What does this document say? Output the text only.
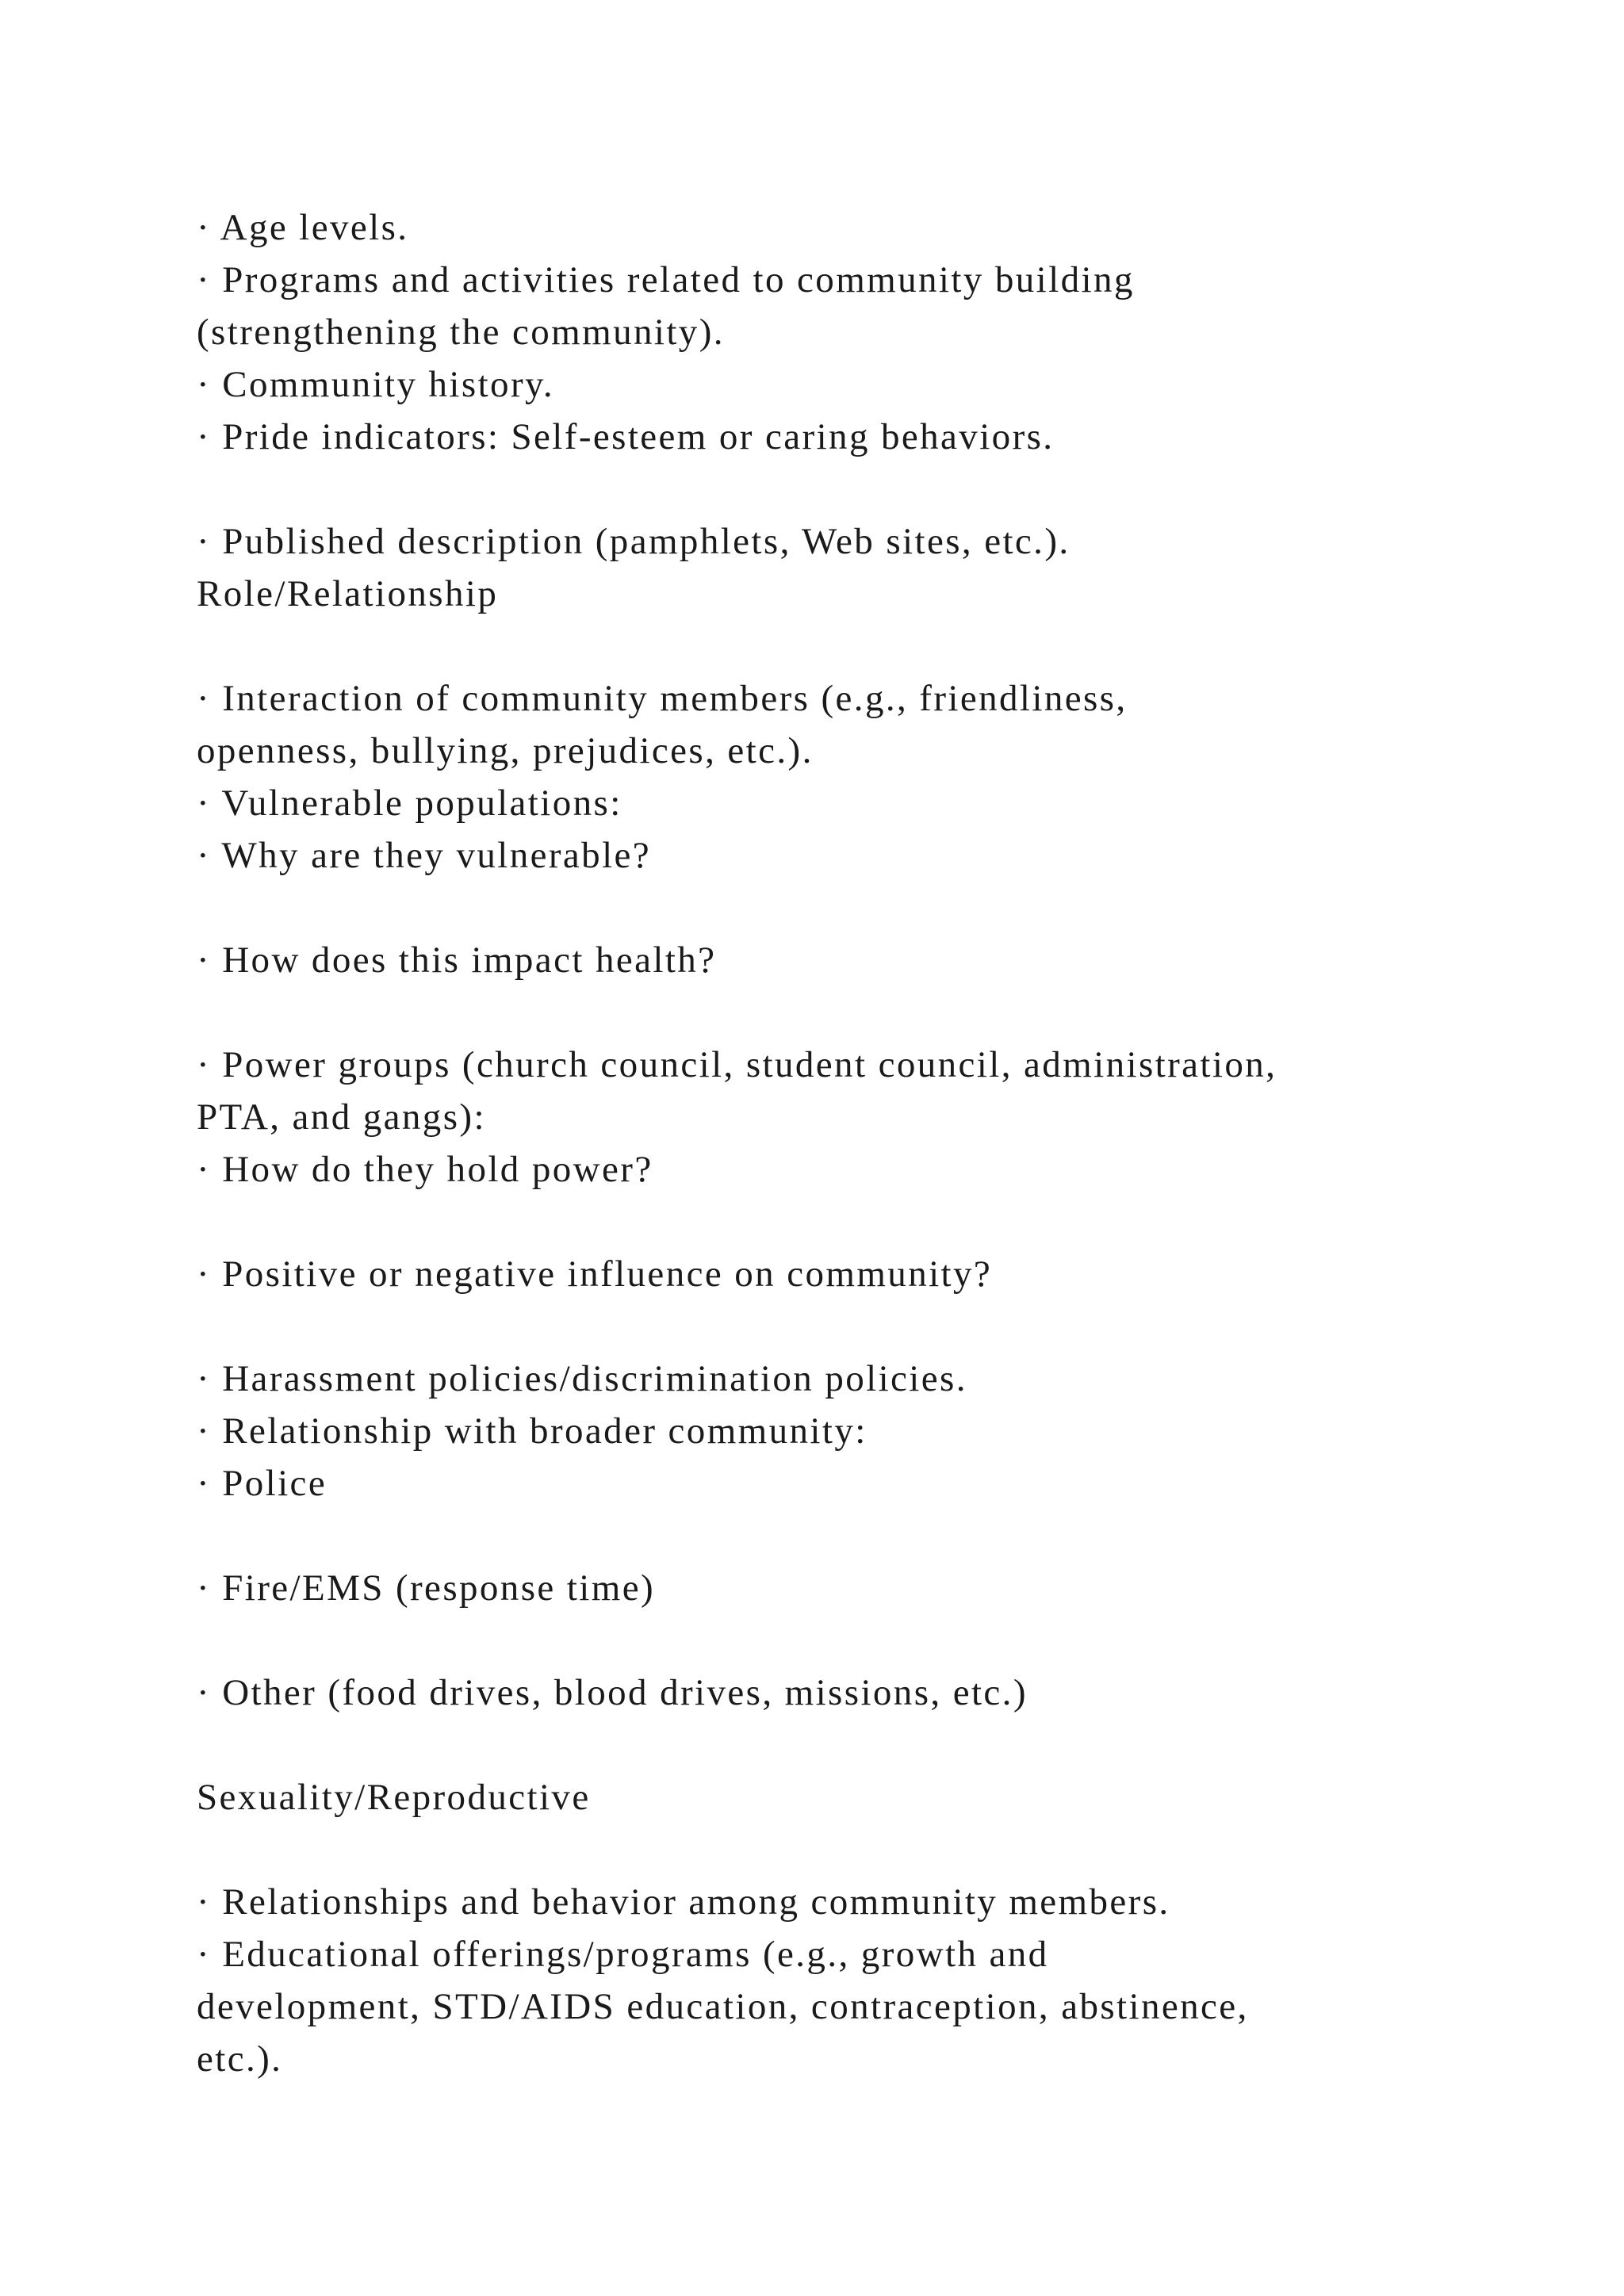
· Age levels.
· Programs and activities related to community building
(strengthening the community).
· Community history.
· Pride indicators: Self-esteem or caring behaviors.
· Published description (pamphlets, Web sites, etc.).
Role/Relationship
· Interaction of community members (e.g., friendliness,
openness, bullying, prejudices, etc.).
· Vulnerable populations:
· Why are they vulnerable?
· How does this impact health?
· Power groups (church council, student council, administration,
PTA, and gangs):
· How do they hold power?
· Positive or negative influence on community?
· Harassment policies/discrimination policies.
· Relationship with broader community:
· Police
· Fire/EMS (response time)
· Other (food drives, blood drives, missions, etc.)
Sexuality/Reproductive
· Relationships and behavior among community members.
· Educational offerings/programs (e.g., growth and
development, STD/AIDS education, contraception, abstinence,
etc.).
